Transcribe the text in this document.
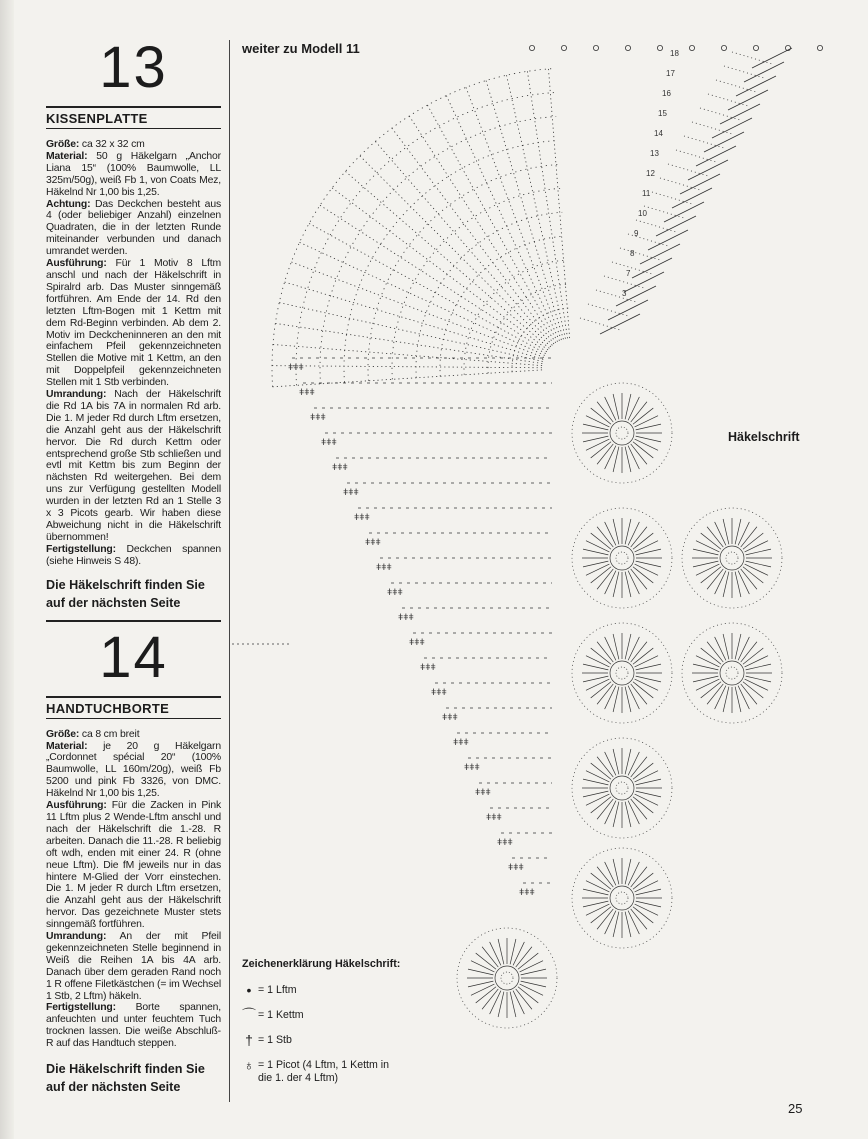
13
KISSENPLATTE
Größe: ca 32 x 32 cm
Material: 50 g Häkelgarn „Anchor Liana 15“ (100% Baumwolle, LL 325m/50g), weiß Fb 1, von Coats Mez, Häkelnd Nr 1,00 bis 1,25.
Achtung: Das Deckchen besteht aus 4 (oder beliebiger Anzahl) einzelnen Quadraten, die in der letzten Runde miteinander verbunden und danach umrandet werden.
Ausführung: Für 1 Motiv 8 Lftm anschl und nach der Häkelschrift in Spiralrd arb. Das Muster sinngemäß fortführen. Am Ende der 14. Rd den letzten Lftm-Bogen mit 1 Kettm mit dem Rd-Beginn verbinden. Ab dem 2. Motiv im Deckcheninneren an den mit einfachem Pfeil gekennzeichneten Stellen die Motive mit 1 Kettm, an den mit Doppelpfeil gekennzeichneten Stellen mit 1 Stb verbinden.
Umrandung: Nach der Häkelschrift die Rd 1A bis 7A in normalen Rd arb. Die 1. M jeder Rd durch Lftm ersetzen, die Anzahl geht aus der Häkelschrift hervor. Die Rd durch Kettm oder entsprechend große Stb schließen und evtl mit Kettm bis zum Beginn der nächsten Rd weitergehen. Bei dem uns zur Verfügung gestellten Modell wurden in der letzten Rd an 1 Stelle 3 x 3 Picots gearb. Wir haben diese Abweichung nicht in die Häkelschrift übernommen!
Fertigstellung: Deckchen spannen (siehe Hinweis S 48).
Die Häkelschrift finden Sie auf der nächsten Seite
14
HANDTUCHBORTE
Größe: ca 8 cm breit
Material: je 20 g Häkelgarn „Cordonnet spécial 20“ (100% Baumwolle, LL 160m/20g), weiß Fb 5200 und pink Fb 3326, von DMC. Häkelnd Nr 1,00 bis 1,25.
Ausführung: Für die Zacken in Pink 11 Lftm plus 2 Wende-Lftm anschl und nach der Häkelschrift die 1.-28. R arbeiten. Danach die 11.-28. R beliebig oft wdh, enden mit einer 24. R (ohne neue Lftm). Die fM jeweils nur in das hintere M-Glied der Vorr einstechen. Die 1. M jeder R durch Lftm ersetzen, die Anzahl geht aus der Häkelschrift hervor. Das gezeichnete Muster stets sinngemäß fortführen.
Umrandung: An der mit Pfeil gekennzeichneten Stelle beginnend in Weiß die Reihen 1A bis 4A arb. Danach über dem geraden Rand noch 1 R offene Filetkästchen (= im Wechsel 1 Stb, 2 Lftm) häkeln.
Fertigstellung: Borte spannen, anfeuchten und unter feuchtem Tuch trocknen lassen. Die weiße Abschluß-R auf das Handtuch steppen.
Die Häkelschrift finden Sie auf der nächsten Seite
weiter zu Modell 11
Häkelschrift
ǂǂǂ
ǂǂǂ
ǂǂǂ
ǂǂǂ
ǂǂǂ
ǂǂǂ
ǂǂǂ
ǂǂǂ
ǂǂǂ
ǂǂǂ
ǂǂǂ
ǂǂǂ
ǂǂǂ
ǂǂǂ
ǂǂǂ
ǂǂǂ
ǂǂǂ
ǂǂǂ
ǂǂǂ
ǂǂǂ
ǂǂǂ
ǂǂǂ
18
17
16
15
14
13
12
11
10
9
8
7
3
Zeichenerklärung Häkelschrift:
• = 1 Lftm
⌒ = 1 Kettm
† = 1 Stb
♁ = 1 Picot (4 Lftm, 1 Kettm in die 1. der 4 Lftm)
25
